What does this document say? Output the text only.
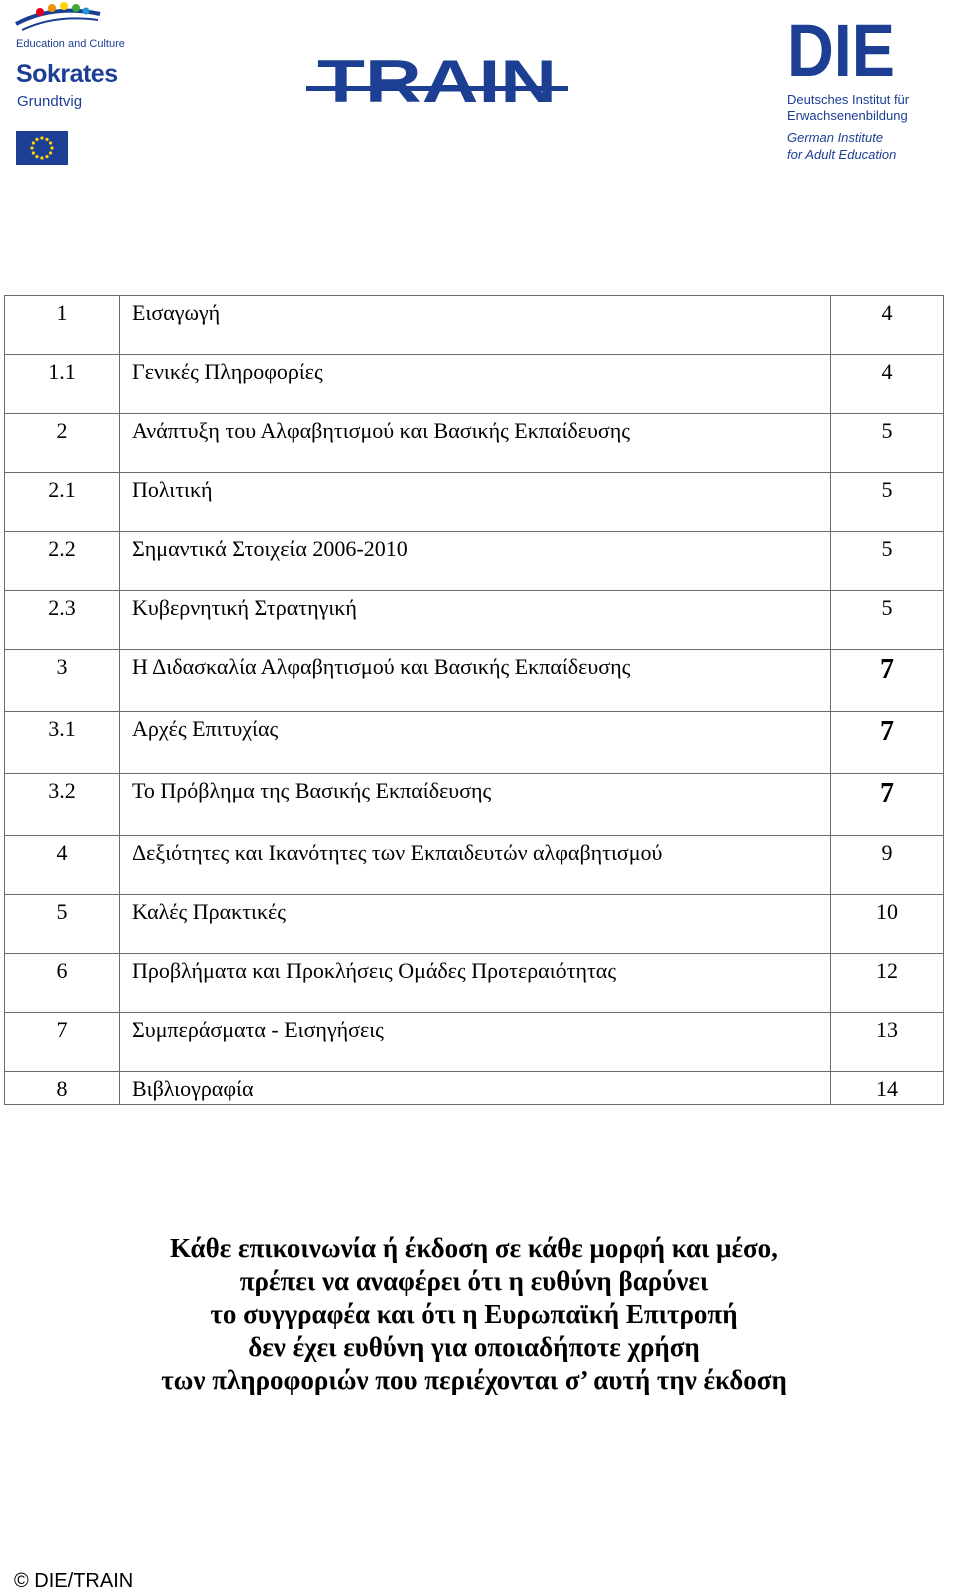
Education and Culture
Sokrates
Grundtvig	TRAIN	DIE
Deutsches Institut für
Erwachsenenbildung
German Institute
for Adult Education
1	Εισαγωγή	4
1.1	Γενικές Πληροφορίες	4
2	Ανάπτυξη του Αλφαβητισμού και Βασικής Εκπαίδευσης	5
2.1	Πολιτική	5
2.2	Σημαντικά Στοιχεία 2006-2010	5
2.3	Κυβερνητική Στρατηγική	5
3	Η Διδασκαλία Αλφαβητισμού και Βασικής Εκπαίδευσης	7
3.1	Αρχές Επιτυχίας	7
3.2	Το Πρόβλημα της Βασικής Εκπαίδευσης	7
4	Δεξιότητες και Ικανότητες των Εκπαιδευτών αλφαβητισμού	9
5	Καλές Πρακτικές	10
6	Προβλήματα και Προκλήσεις Ομάδες Προτεραιότητας	12
7	Συμπεράσματα - Εισηγήσεις	13
8	Βιβλιογραφία	14
Κάθε επικοινωνία ή έκδοση σε κάθε μορφή και μέσο,
πρέπει να αναφέρει ότι η ευθύνη βαρύνει
το συγγραφέα και ότι η Ευρωπαϊκή Επιτροπή
δεν έχει ευθύνη για οποιαδήποτε χρήση
των πληροφοριών που περιέχονται σ’ αυτή την έκδοση
© DIE/TRAIN
